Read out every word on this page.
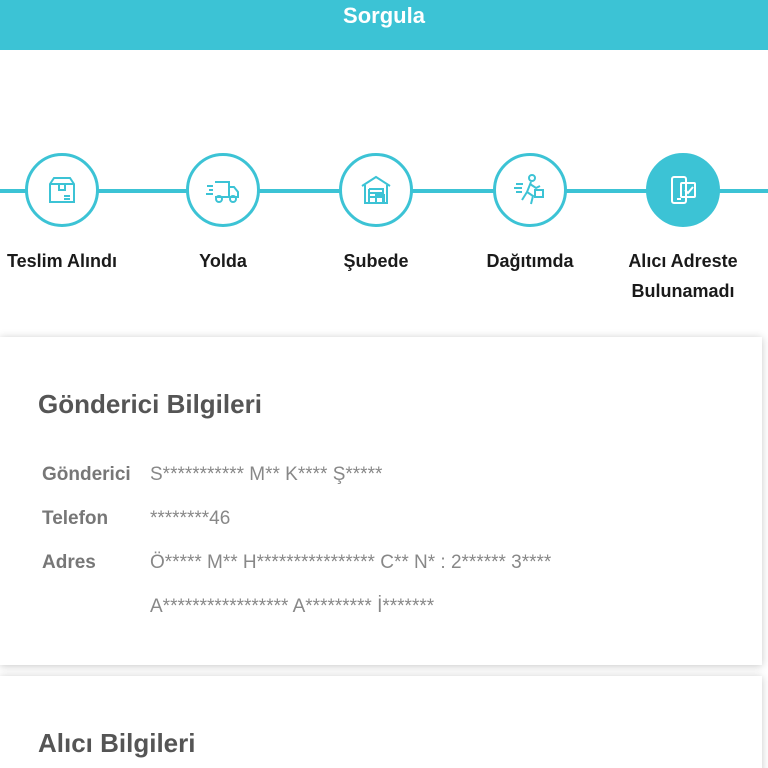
Sorgula
Teslim Alındı	Yolda	Şubede	Dağıtımda	Alıcı Adreste Bulunamadı
Gönderici Bilgileri
Gönderici	S*********** M** K**** Ş*****
Telefon	********46
Adres	Ö***** M** H**************** C** N* : 2****** 3**** A***************** A********* İ*******
Alıcı Bilgileri
